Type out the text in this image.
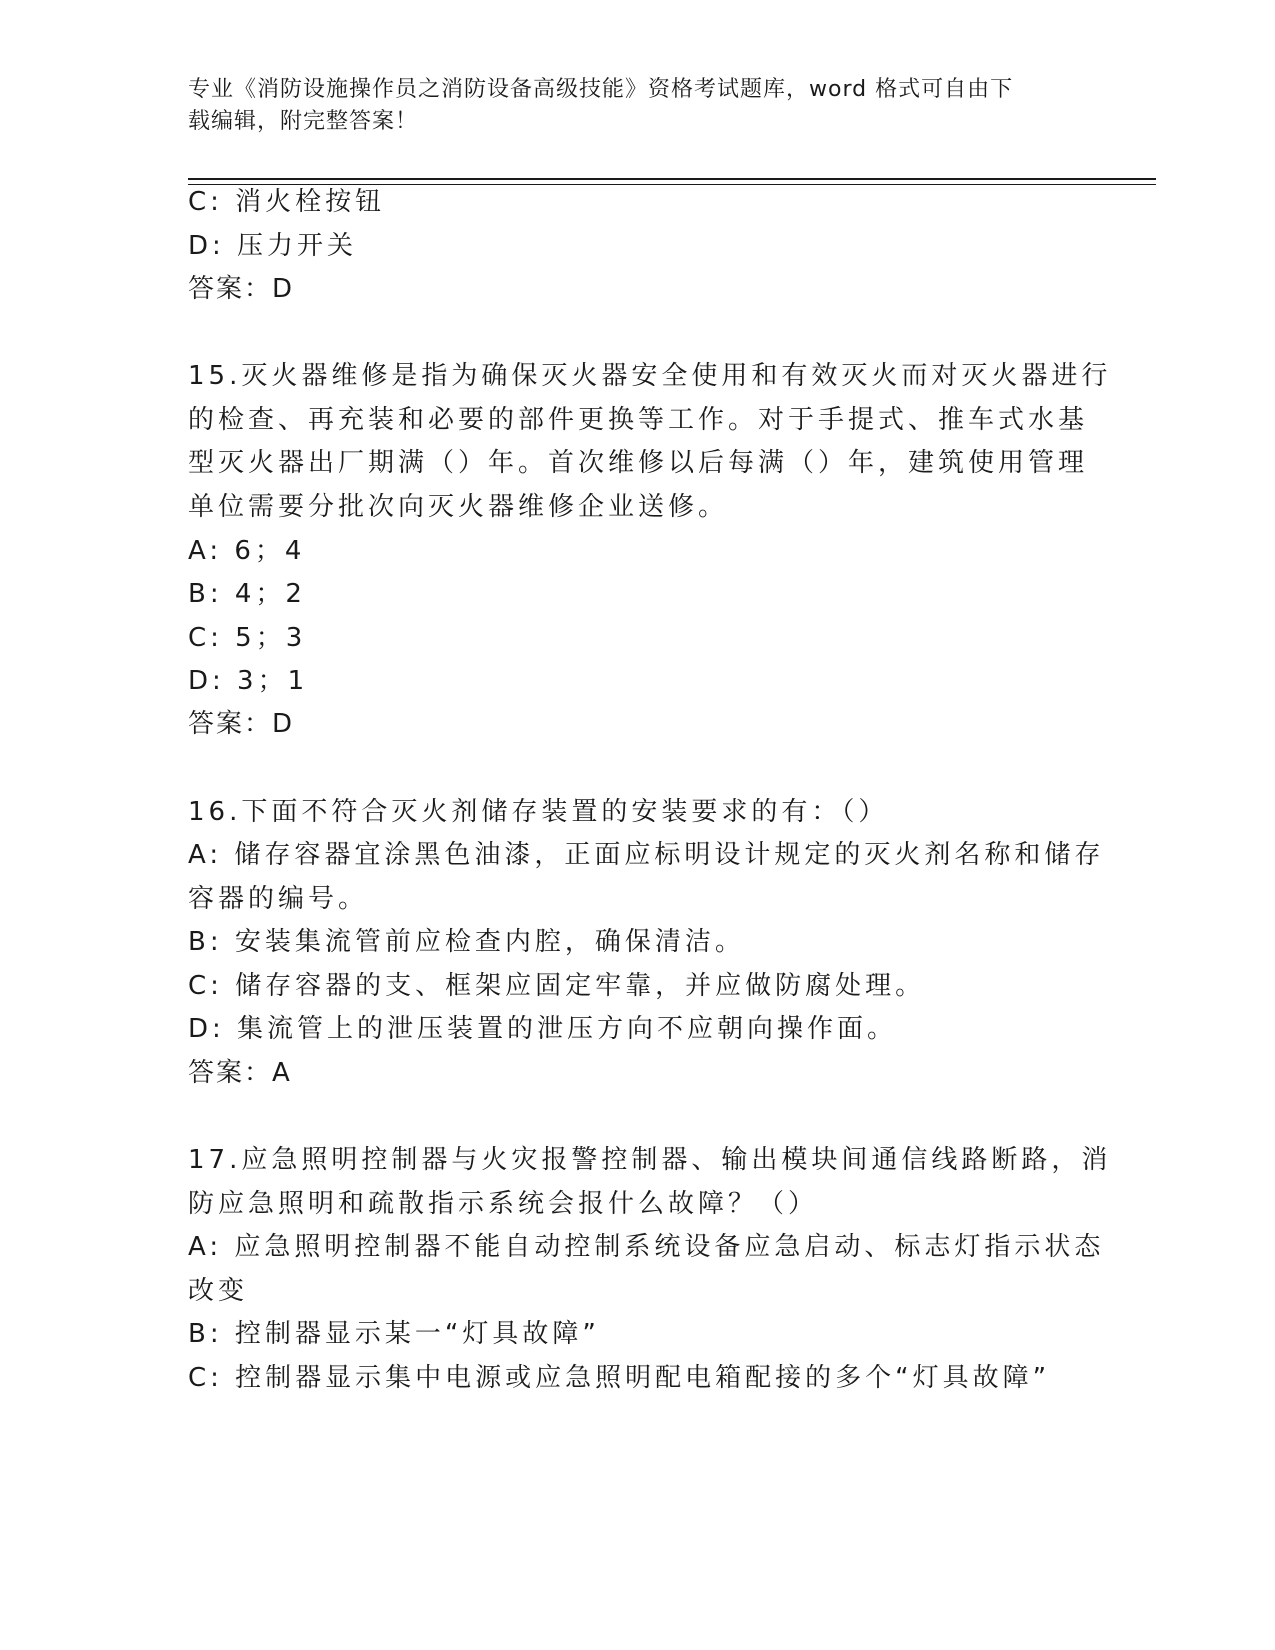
专业《消防设施操作员之消防设备高级技能》资格考试题库，word 格式可自由下
载编辑，附完整答案！
C: 消火栓按钮
D: 压力开关
答案：D
15.灭火器维修是指为确保灭火器安全使用和有效灭火而对灭火器进行
的检查、再充装和必要的部件更换等工作。对于手提式、推车式水基
型灭火器出厂期满（）年。首次维修以后每满（）年，建筑使用管理
单位需要分批次向灭火器维修企业送修。
A: 6；4
B: 4；2
C: 5；3
D: 3；1
答案：D
16.下面不符合灭火剂储存装置的安装要求的有：（）
A: 储存容器宜涂黑色油漆，正面应标明设计规定的灭火剂名称和储存
容器的编号。
B: 安装集流管前应检查内腔，确保清洁。
C: 储存容器的支、框架应固定牢靠，并应做防腐处理。
D: 集流管上的泄压装置的泄压方向不应朝向操作面。
答案：A
17.应急照明控制器与火灾报警控制器、输出模块间通信线路断路，消
防应急照明和疏散指示系统会报什么故障？（）
A: 应急照明控制器不能自动控制系统设备应急启动、标志灯指示状态
改变
B: 控制器显示某一“灯具故障”
C: 控制器显示集中电源或应急照明配电箱配接的多个“灯具故障”
